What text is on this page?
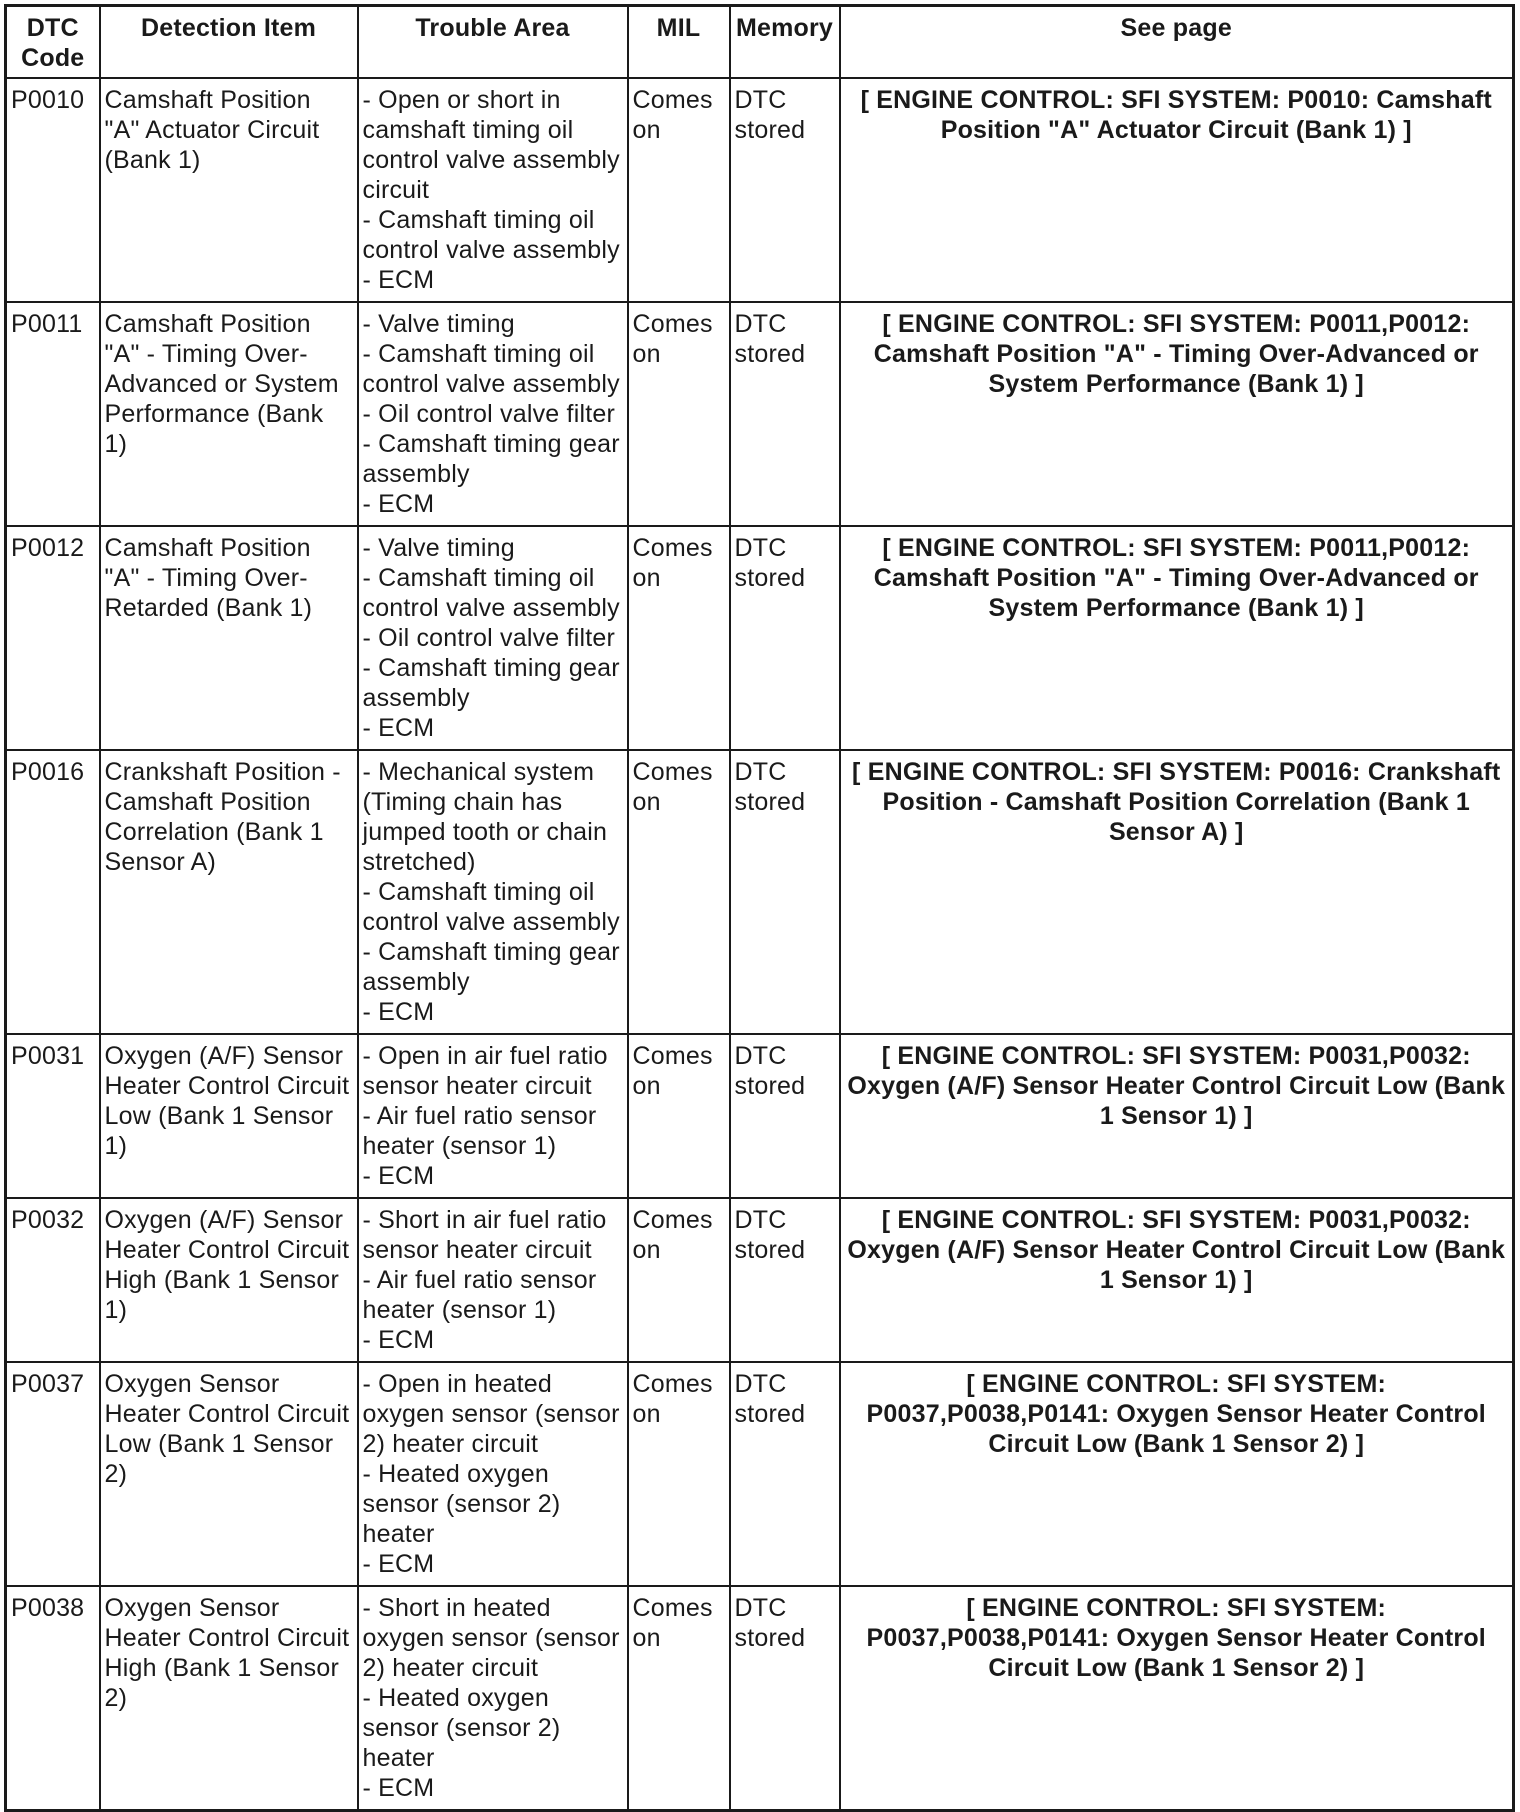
DTC Code	Detection Item	Trouble Area	MIL	Memory	See page
P0010	Camshaft Position "A" Actuator Circuit (Bank 1)	- Open or short in camshaft timing oil control valve assembly circuit
- Camshaft timing oil control valve assembly
- ECM	Comes on	DTC stored	[ ENGINE CONTROL: SFI SYSTEM: P0010: Camshaft Position "A" Actuator Circuit (Bank 1) ]
P0011	Camshaft Position "A" - Timing Over-Advanced or System Performance (Bank 1)	- Valve timing
- Camshaft timing oil control valve assembly
- Oil control valve filter
- Camshaft timing gear assembly
- ECM	Comes on	DTC stored	[ ENGINE CONTROL: SFI SYSTEM: P0011,P0012: Camshaft Position "A" - Timing Over-Advanced or System Performance (Bank 1) ]
P0012	Camshaft Position "A" - Timing Over-Retarded (Bank 1)	- Valve timing
- Camshaft timing oil control valve assembly
- Oil control valve filter
- Camshaft timing gear assembly
- ECM	Comes on	DTC stored	[ ENGINE CONTROL: SFI SYSTEM: P0011,P0012: Camshaft Position "A" - Timing Over-Advanced or System Performance (Bank 1) ]
P0016	Crankshaft Position - Camshaft Position Correlation (Bank 1 Sensor A)	- Mechanical system (Timing chain has jumped tooth or chain stretched)
- Camshaft timing oil control valve assembly
- Camshaft timing gear assembly
- ECM	Comes on	DTC stored	[ ENGINE CONTROL: SFI SYSTEM: P0016: Crankshaft Position - Camshaft Position Correlation (Bank 1 Sensor A) ]
P0031	Oxygen (A/F) Sensor Heater Control Circuit Low (Bank 1 Sensor 1)	- Open in air fuel ratio sensor heater circuit
- Air fuel ratio sensor heater (sensor 1)
- ECM	Comes on	DTC stored	[ ENGINE CONTROL: SFI SYSTEM: P0031,P0032: Oxygen (A/F) Sensor Heater Control Circuit Low (Bank 1 Sensor 1) ]
P0032	Oxygen (A/F) Sensor Heater Control Circuit High (Bank 1 Sensor 1)	- Short in air fuel ratio sensor heater circuit
- Air fuel ratio sensor heater (sensor 1)
- ECM	Comes on	DTC stored	[ ENGINE CONTROL: SFI SYSTEM: P0031,P0032: Oxygen (A/F) Sensor Heater Control Circuit Low (Bank 1 Sensor 1) ]
P0037	Oxygen Sensor Heater Control Circuit Low (Bank 1 Sensor 2)	- Open in heated oxygen sensor (sensor 2) heater circuit
- Heated oxygen sensor (sensor 2) heater
- ECM	Comes on	DTC stored	[ ENGINE CONTROL: SFI SYSTEM: P0037,P0038,P0141: Oxygen Sensor Heater Control Circuit Low (Bank 1 Sensor 2) ]
P0038	Oxygen Sensor Heater Control Circuit High (Bank 1 Sensor 2)	- Short in heated oxygen sensor (sensor 2) heater circuit
- Heated oxygen sensor (sensor 2) heater
- ECM	Comes on	DTC stored	[ ENGINE CONTROL: SFI SYSTEM: P0037,P0038,P0141: Oxygen Sensor Heater Control Circuit Low (Bank 1 Sensor 2) ]
